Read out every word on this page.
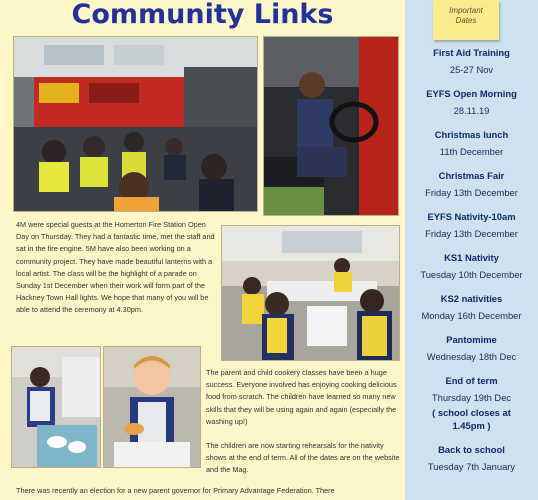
Community Links

4M were special guests at the Homerton Fire Station Open Day on Thursday. They had a fantastic time, met the staff and sat in the fire engine. 5M have also been working on a community project. They have made beautiful lanterns with a local artist. The class will be the highlight of a parade on Sunday 1st December when their work will form part of the Hackney Town Hall lights. We hope that many of you will be able to attend the ceremony at 4.30pm.

The parent and child cookery classes have been a huge success. Everyone involved has enjoying cooking delicious food from scratch. The children have learned so many new skills that they will be using again and again (especially the washing up!)

The children are now starting rehearsals for the nativity shows at the end of term. All of the dates are on the website and the Mag.

There was recently an election for a new parent governor for Primary Advantage Federation. There

First Aid Training
25-27 Nov
EYFS Open Morning
28.11.19
Christmas lunch
11th December
Christmas Fair
Friday 13th December
EYFS Nativity-10am
Friday 13th December
KS1 Nativity
Tuesday 10th December
KS2 nativities
Monday 16th December
Pantomime
Wednesday 18th Dec
End of term
Thursday 19th Dec
( school closes at 1.45pm )
Back to school
Tuesday 7th January
Important
Dates
